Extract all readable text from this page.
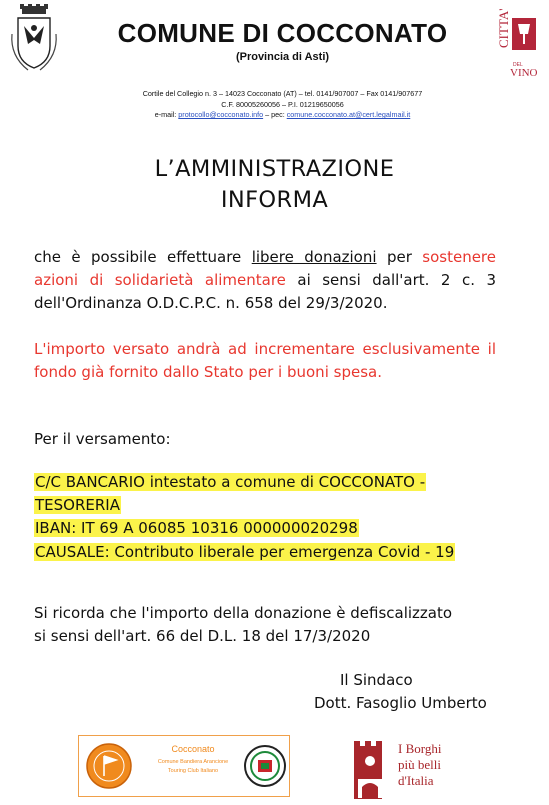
COMUNE DI COCCONATO
(Provincia di Asti)
CITTA'
DEL
VINO
Cortile del Collegio n. 3 – 14023 Cocconato (AT) – tel. 0141/907007 – Fax 0141/907677
C.F. 80005260056 – P.I. 01219650056
e-mail: protocollo@cocconato.info – pec: comune.cocconato.at@cert.legalmail.it
L’AMMINISTRAZIONE
INFORMA
che è possibile effettuare libere donazioni per sostenere azioni di solidarietà alimentare ai sensi dall'art. 2 c. 3 dell'Ordinanza O.D.C.P.C. n. 658 del 29/3/2020.
L'importo versato andrà ad incrementare esclusivamente il fondo già fornito dallo Stato per i buoni spesa.
Per il versamento:
C/C BANCARIO intestato a comune di COCCONATO -
TESORERIA
IBAN: IT 69 A 06085 10316 000000020298
CAUSALE: Contributo liberale per emergenza Covid - 19
Si ricorda che l'importo della donazione è defiscalizzato
si sensi dell'art. 66 del D.L. 18 del 17/3/2020
Il Sindaco
Dott. Fasoglio Umberto
Cocconato
Comune Bandiera Arancione
Touring Club Italiano
I Borghi
più belli
d'Italia
